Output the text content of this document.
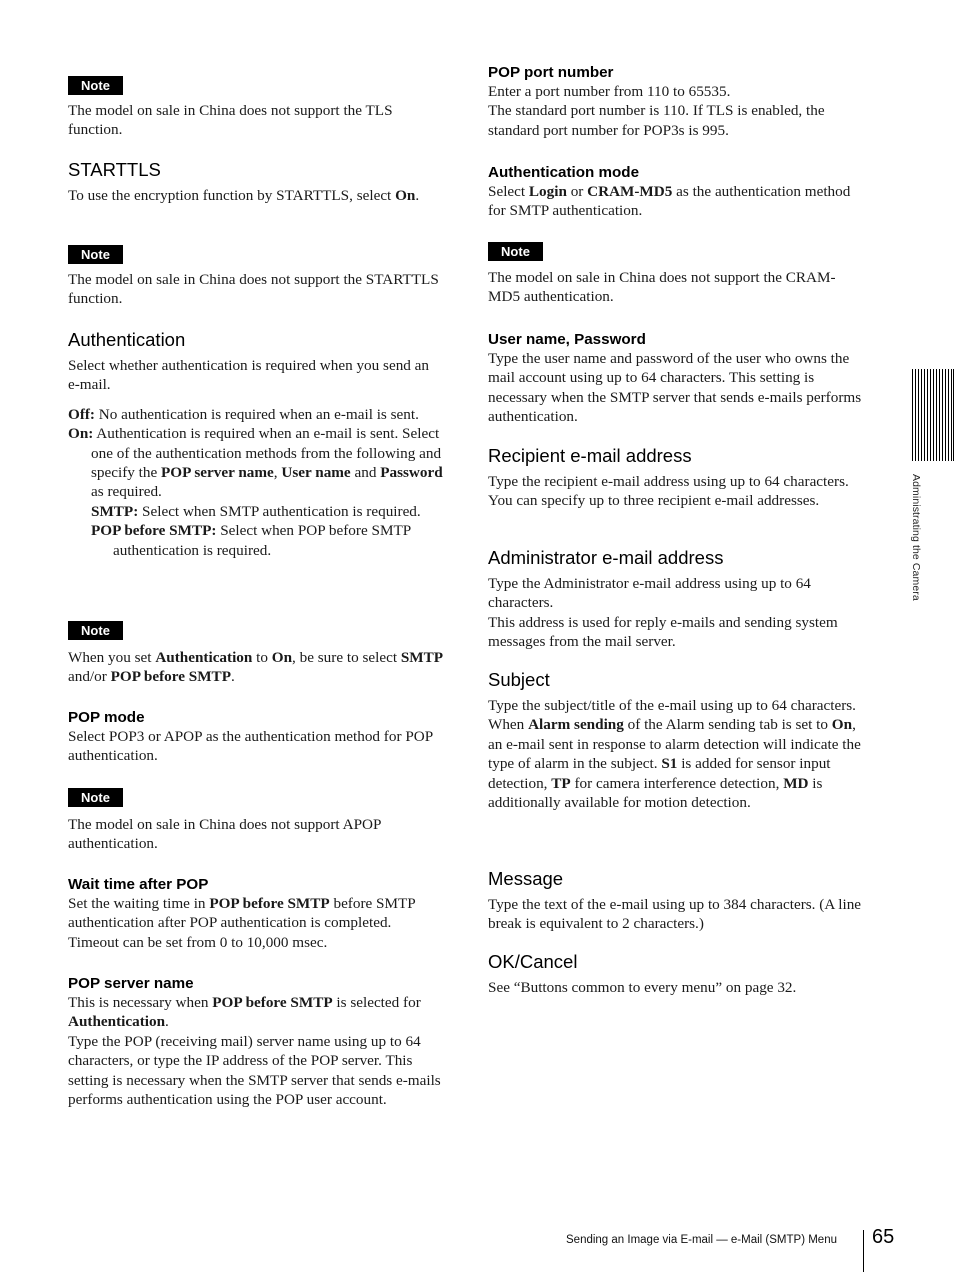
Note

The model on sale in China does not support the TLS function.

STARTTLS

To use the encryption function by STARTTLS, select On.

Note

The model on sale in China does not support the STARTTLS function.

Authentication

Select whether authentication is required when you send an e-mail.

Off: No authentication is required when an e-mail is sent.

On: Authentication is required when an e-mail is sent. Select one of the authentication methods from the following and specify the POP server name, User name and Password as required.

SMTP: Select when SMTP authentication is required.

POP before SMTP: Select when POP before SMTP authentication is required.

Note

When you set Authentication to On, be sure to select SMTP and/or POP before SMTP.

POP mode

Select POP3 or APOP as the authentication method for POP authentication.

Note

The model on sale in China does not support APOP authentication.

Wait time after POP

Set the waiting time in POP before SMTP before SMTP authentication after POP authentication is completed. Timeout can be set from 0 to 10,000 msec.

POP server name

This is necessary when POP before SMTP is selected for Authentication.

Type the POP (receiving mail) server name using up to 64 characters, or type the IP address of the POP server. This setting is necessary when the SMTP server that sends e-mails performs authentication using the POP user account.

POP port number

Enter a port number from 110 to 65535.

The standard port number is 110. If TLS is enabled, the standard port number for POP3s is 995.

Authentication mode

Select Login or CRAM-MD5 as the authentication method for SMTP authentication.

Note

The model on sale in China does not support the CRAM-MD5 authentication.

User name, Password

Type the user name and password of the user who owns the mail account using up to 64 characters. This setting is necessary when the SMTP server that sends e-mails performs authentication.

Recipient e-mail address

Type the recipient e-mail address using up to 64 characters.

You can specify up to three recipient e-mail addresses.

Administrator e-mail address

Type the Administrator e-mail address using up to 64 characters.

This address is used for reply e-mails and sending system messages from the mail server.

Subject

Type the subject/title of the e-mail using up to 64 characters.

When Alarm sending of the Alarm sending tab is set to On, an e-mail sent in response to alarm detection will indicate the type of alarm in the subject. S1 is added for sensor input detection, TP for camera interference detection, MD is additionally available for motion detection.

Message

Type the text of the e-mail using up to 384 characters. (A line break is equivalent to 2 characters.)

OK/Cancel

See “Buttons common to every menu” on page 32.

Administrating the Camera
Sending an Image via E-mail — e-Mail (SMTP) Menu 65
